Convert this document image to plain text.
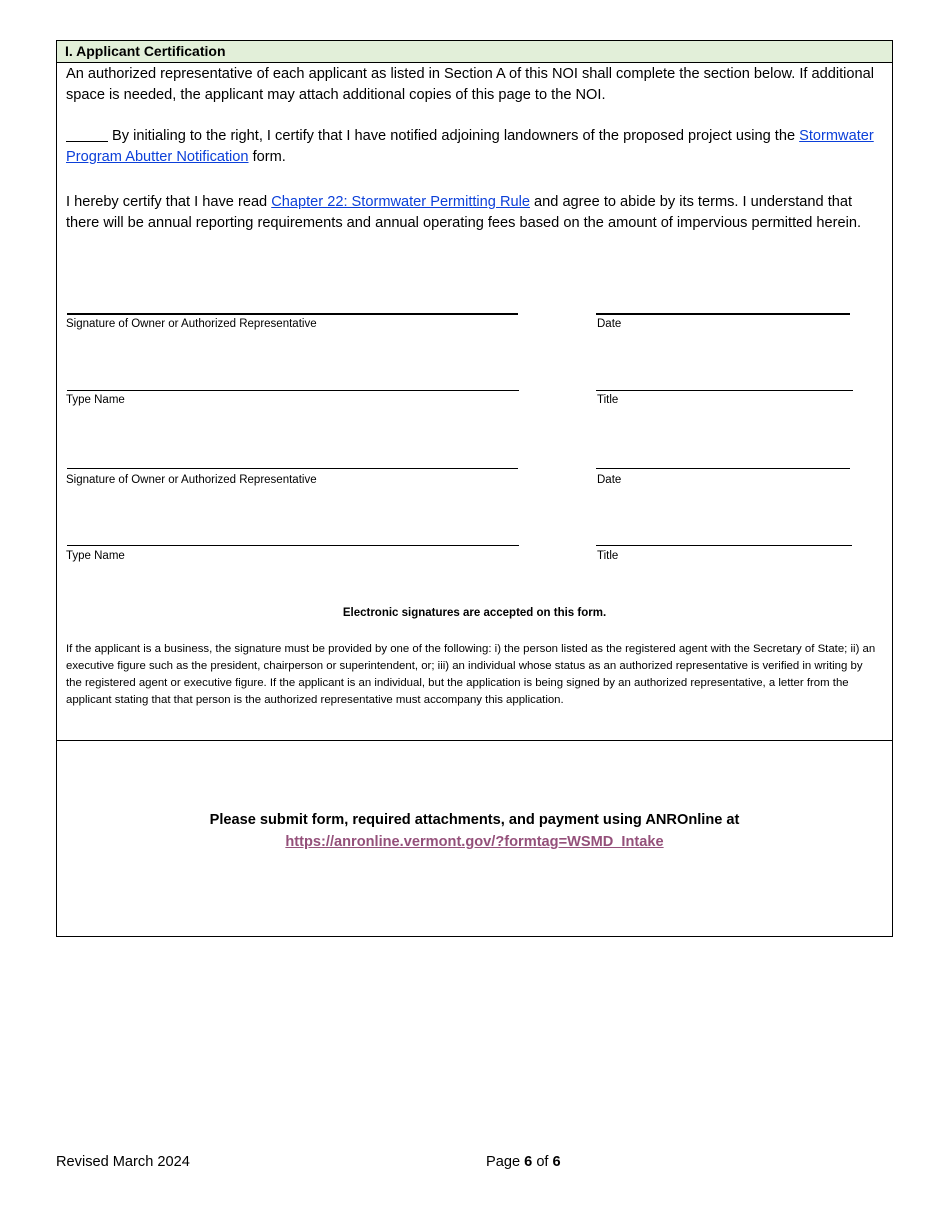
I. Applicant Certification

An authorized representative of each applicant as listed in Section A of this NOI shall complete the section below. If additional space is needed, the applicant may attach additional copies of this page to the NOI.

By initialing to the right, I certify that I have notified adjoining landowners of the proposed project using the Stormwater Program Abutter Notification form.

I hereby certify that I have read Chapter 22: Stormwater Permitting Rule and agree to abide by its terms. I understand that there will be annual reporting requirements and annual operating fees based on the amount of impervious permitted herein.

Signature of Owner or Authorized Representative	Date
Type Name	Title
Signature of Owner or Authorized Representative	Date
Type Name	Title
Electronic signatures are accepted on this form.

If the applicant is a business, the signature must be provided by one of the following: i) the person listed as the registered agent with the Secretary of State; ii) an executive figure such as the president, chairperson or superintendent, or; iii) an individual whose status as an authorized representative is verified in writing by the registered agent or executive figure. If the applicant is an individual, but the application is being signed by an authorized representative, a letter from the applicant stating that that person is the authorized representative must accompany this application.

Please submit form, required attachments, and payment using ANROnline at
https://anronline.vermont.gov/?formtag=WSMD_Intake
Revised March 2024	Page 6 of 6
